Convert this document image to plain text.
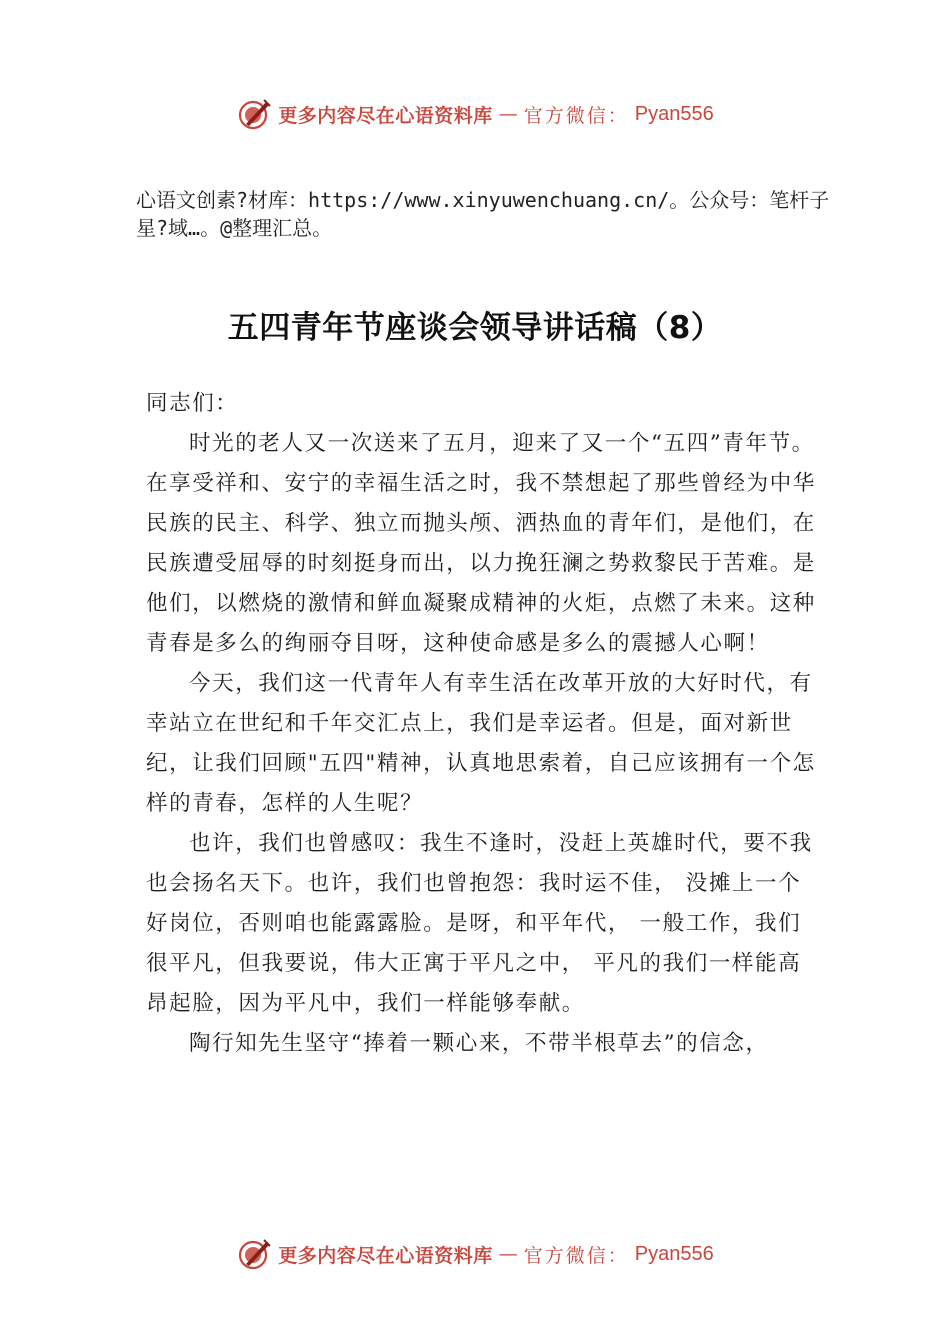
更多内容尽在心语资料库 — 官方微信： Pyan556
心语文创素?材库：https://www.xinyuwenchuang.cn/。公众号：笔杆子星?域…。@整理汇总。
五四青年节座谈会领导讲话稿（8）

同志们：

时光的老人又一次送来了五月，迎来了又一个“五四”青年节。在享受祥和、安宁的幸福生活之时，我不禁想起了那些曾经为中华民族的民主、科学、独立而抛头颅、洒热血的青年们，是他们，在民族遭受屈辱的时刻挺身而出，以力挽狂澜之势救黎民于苦难。是他们，以燃烧的激情和鲜血凝聚成精神的火炬，点燃了未来。这种青春是多么的绚丽夺目呀，这种使命感是多么的震撼人心啊！

今天，我们这一代青年人有幸生活在改革开放的大好时代，有幸站立在世纪和千年交汇点上，我们是幸运者。但是，面对新世纪，让我们回顾"五四"精神，认真地思索着，自己应该拥有一个怎样的青春，怎样的人生呢？

也许，我们也曾感叹：我生不逢时，没赶上英雄时代，要不我也会扬名天下。也许，我们也曾抱怨：我时运不佳， 没摊上一个好岗位，否则咱也能露露脸。是呀，和平年代， 一般工作，我们很平凡，但我要说，伟大正寓于平凡之中， 平凡的我们一样能高昂起脸，因为平凡中，我们一样能够奉献。

陶行知先生坚守“捧着一颗心来，不带半根草去”的信念，

更多内容尽在心语资料库 — 官方微信： Pyan556
